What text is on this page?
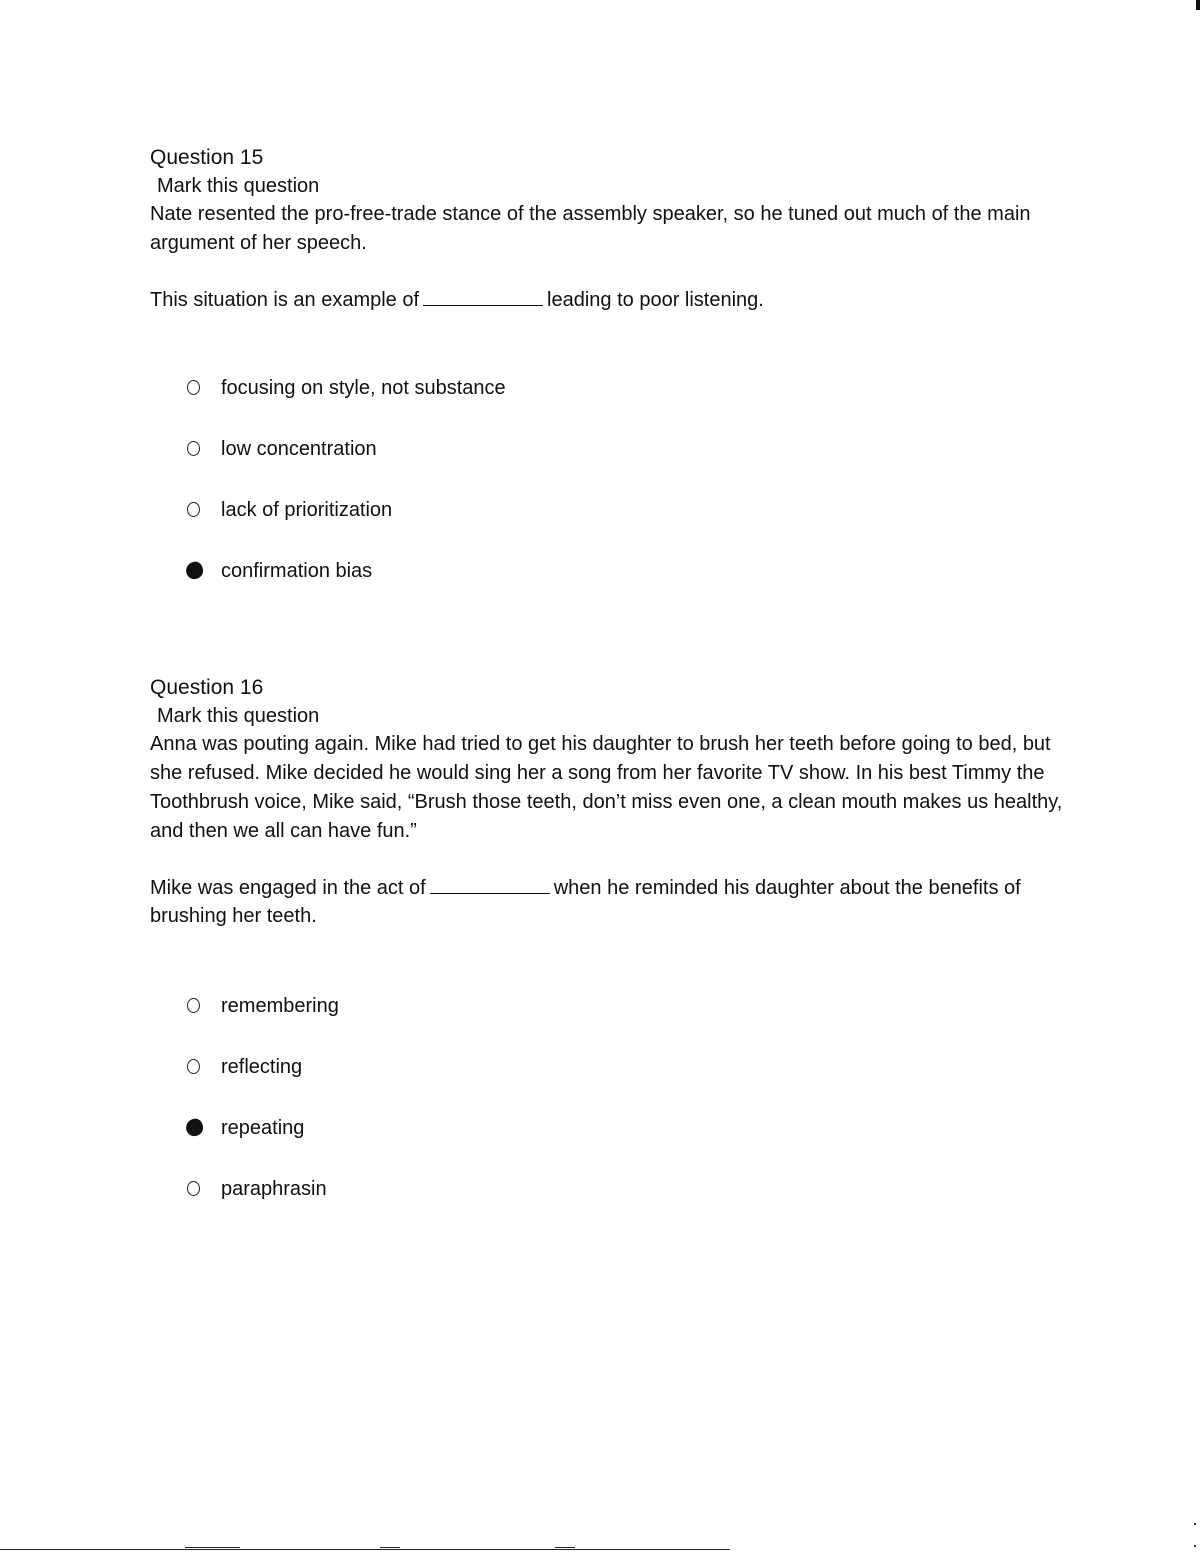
Question 15
Mark this question

Nate resented the pro-free-trade stance of the assembly speaker, so he tuned out much of the main argument of her speech.

This situation is an example of	leading to poor listening.

focusing on style, not substance
low concentration
lack of prioritization
confirmation bias
Question 16
Mark this question

Anna was pouting again. Mike had tried to get his daughter to brush her teeth before going to bed, but she refused. Mike decided he would sing her a song from her favorite TV show. In his best Timmy the Toothbrush voice, Mike said, “Brush those teeth, don’t miss even one, a clean mouth makes us healthy, and then we all can have fun.”

Mike was engaged in the act of	when he reminded his daughter about the benefits of brushing her teeth.

remembering
reflecting
repeating
paraphrasin
